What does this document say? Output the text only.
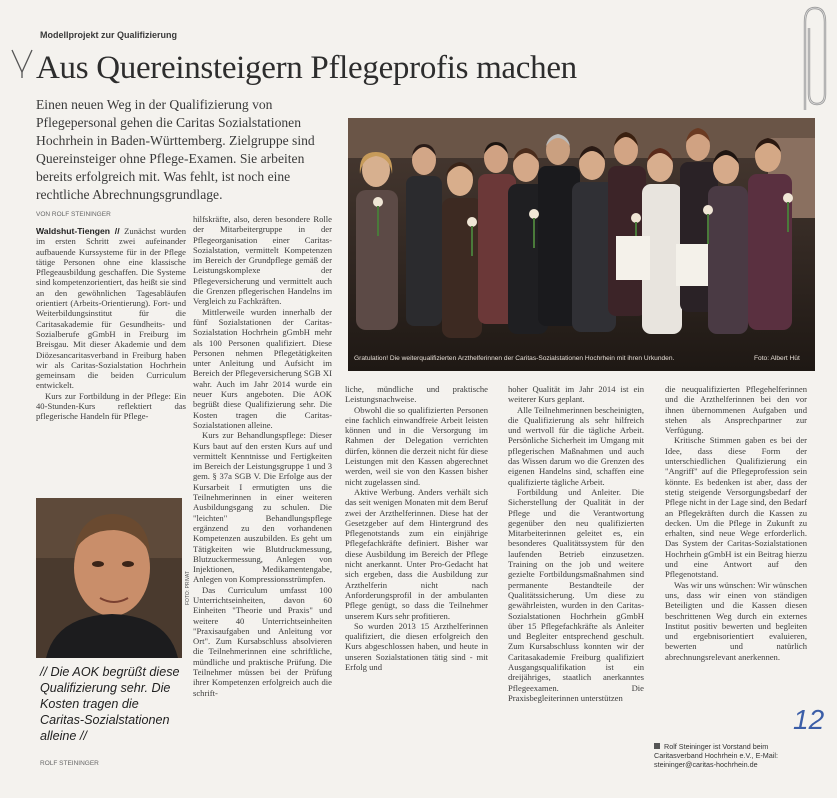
Modellprojekt zur Qualifizierung
Aus Quereinsteigern Pflegeprofis machen
Einen neuen Weg in der Qualifizierung von Pflegepersonal gehen die Caritas Sozialstationen Hochrhein in Baden-Württemberg. Zielgruppe sind Quereinsteiger ohne Pflege-Examen. Sie arbeiten bereits erfolgreich mit. Was fehlt, ist noch eine rechtliche Abrechnungsgrundlage.
Gratulation! Die weiterqualifizierten Arzthelferinnen der Caritas-Sozialstationen Hochrhein mit ihren Urkunden.	Foto: Albert Hüt
VON ROLF STEININGER

Waldshut-Tiengen // Zunächst wurden im ersten Schritt zwei aufeinander aufbauende Kurssysteme für in der Pflege tätige Personen ohne eine klassische Pflegeausbildung geschaffen. Die Systeme sind kompetenzorientiert, das heißt sie sind an den gewöhnlichen Tagesabläufen orientiert (Arbeits-Orientierung). Fort- und Weiterbildungsinstitut für die Caritasakademie für Gesundheits- und Sozialberufe gGmbH in Freiburg im Breisgau. Mit dieser Akademie und dem Diözesancaritasverband in Freiburg haben wir als Caritas-Sozialstation Hochrhein gemeinsam die beiden Curriculum entwickelt.

Kurs zur Fortbildung in der Pflege: Ein 40-Stunden-Kurs reflektiert das pflegerische Handeln für Pflege-

hilfskräfte, also, deren besondere Rolle der Mitarbeitergruppe in der Pflegeorganisation einer Caritas-Sozialstation, vermittelt Kompetenzen im Bereich der Grundpflege gemäß der Leistungskomplexe der Pflegeversicherung und vermittelt auch die Grenzen pflegerischen Handelns im Vergleich zu Fachkräften.

Mittlerweile wurden innerhalb der fünf Sozialstationen der Caritas-Sozialstation Hochrhein gGmbH mehr als 100 Personen qualifiziert. Diese Personen nehmen Pflegetätigkeiten unter Anleitung und Aufsicht im Bereich der Pflegeversicherung SGB XI wahr. Auch im Jahr 2014 wurde ein neuer Kurs angeboten. Die AOK begrüßt diese Qualifizierung sehr. Die Kosten tragen die Caritas-Sozialstationen alleine.

Kurs zur Behandlungspflege: Dieser Kurs baut auf den ersten Kurs auf und vermittelt Kenntnisse und Fertigkeiten im Bereich der Leistungsgruppe 1 und 3 gem. § 37a SGB V. Die Erfolge aus der Kursarbeit I ermutigten uns die Teilnehmerinnen in einer weiteren Ausbildungsgang zu schulen. Die "leichten" Behandlungspflege ergänzend zu den vorhandenen Kompetenzen auszubilden. Es geht um Tätigkeiten wie Blutdruckmessung, Blutzuckermessung, Anlegen von Injektionen, Medikamentengabe, Anlegen von Kompressionsstrümpfen.

Das Curriculum umfasst 100 Unterrichtseinheiten, davon 60 Einheiten "Theorie und Praxis" und weitere 40 Unterrichtseinheiten "Praxisaufgaben und Anleitung vor Ort". Zum Kursabschluss absolvieren die Teilnehmerinnen eine schriftliche, mündliche und praktische Prüfung. Die Teilnehmer müssen bei der Prüfung ihrer Kompetenzen erfolgreich auch die schrift-

liche, mündliche und praktische Leistungsnachweise.

Obwohl die so qualifizierten Personen eine fachlich einwandfreie Arbeit leisten können und in die Versorgung im Rahmen der Delegation verrichten dürfen, können die derzeit nicht für diese Leistungen mit den Kassen abgerechnet werden, weil sie von den Kassen bisher nicht zugelassen sind.

Aktive Werbung. Anders verhält sich das seit wenigen Monaten mit dem Beruf zwei der Arzthelferinnen. Diese hat der Gesetzgeber auf dem Hintergrund des Pflegenotstands zum ein einjährige Pflegefachkräfte definiert. Bisher war diese Ausbildung im Bereich der Pflege nicht anerkannt. Unter Pro-Gedacht hat sich ergeben, dass die Ausbildung zur Arzthelferin nicht nach Anforderungsprofil in der ambulanten Pflege genügt, so dass die Teilnehmer unserem Kurs sehr profitieren.

So wurden 2013 15 Arzthelferinnen qualifiziert, die diesen erfolgreich den Kurs abgeschlossen haben, und heute in unseren Sozialstationen tätig sind - mit Erfolg und

hoher Qualität im Jahr 2014 ist ein weiterer Kurs geplant.

Alle Teilnehmerinnen bescheinigten, die Qualifizierung als sehr hilfreich und wertvoll für die tägliche Arbeit. Persönliche Sicherheit im Umgang mit pflegerischen Maßnahmen und auch das Wissen darum wo die Grenzen des eigenen Handelns sind, schaffen eine qualifizierte tägliche Arbeit.

Fortbildung und Anleiter. Die Sicherstellung der Qualität in der Pflege und die Verantwortung gegenüber den neu qualifizierten Mitarbeiterinnen geleitet es, ein besonderes Qualitätssystem für den laufenden Betrieb einzusetzen. Training on the job und weitere gezielte Fortbildungsmaßnahmen sind permanente Bestandteile der Qualitätssicherung. Um diese zu gewährleisten, wurden in den Caritas-Sozialstationen Hochrhein gGmbH über 15 Pflegefachkräfte als Anleiter und Begleiter entsprechend geschult. Zum Kursabschluss konnten wir der Caritasakademie Freiburg qualifiziert Ausgangsqualifikation ist ein dreijähriges, staatlich anerkanntes Pflegeexamen. Die Praxisbegleiterinnen unterstützen

die neuqualifizierten Pflegehelferinnen und die Arzthelferinnen bei den vor ihnen übernommenen Aufgaben und stehen als Ansprechpartner zur Verfügung.

Kritische Stimmen gaben es bei der Idee, dass diese Form der unterschiedlichen Qualifizierung ein "Angriff" auf die Pflegeprofession sein könnte. Es bedenken ist aber, dass der stetig steigende Versorgungsbedarf der Pflege nicht in der Lage sind, den Bedarf an Pflegekräften durch die Kassen zu decken. Um die Pflege in Zukunft zu erhalten, sind neue Wege erforderlich. Das System der Caritas-Sozialstationen Hochrhein gGmbH ist ein Beitrag hierzu und eine Antwort auf den Pflegenotstand.

Was wir uns wünschen: Wir wünschen uns, dass wir einen von ständigen Beteiligten und die Kassen diesen beschrittenen Weg durch ein externes Institut positiv bewerten und begleiten und ergebnisorientiert evaluieren, bewerten und natürlich abrechnungsrelevant anerkennen.

FOTO: PRIVAT
// Die AOK begrüßt diese Qualifizierung sehr. Die Kosten tragen die Caritas-Sozialstationen alleine //
ROLF STEININGER
12
Rolf Steininger ist Vorstand beim Caritasverband Hochrhein e.V., E-Mail: steininger@caritas-hochrhein.de
